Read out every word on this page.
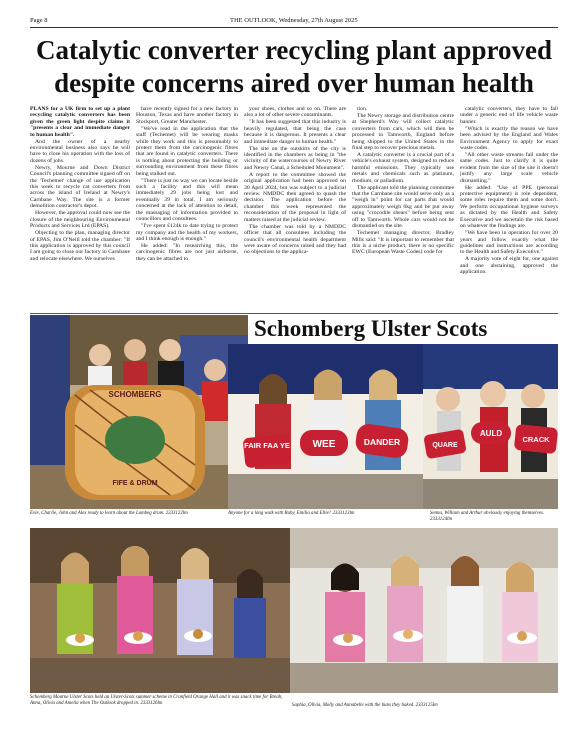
Page 8	THE OUTLOOK, Wednesday, 27th August 2025
Catalytic converter recycling plant approved despite concerns aired over human health

PLANS for a UK firm to set up a plant recycling catalytic converters has been given the green light despite claims it "presents a clear and immediate danger to human health".

And the owner of a nearby environmental business also says he will have to close his operation with the loss of dozens of jobs.

Newry, Mourne and Down District Council's planning committee signed off on the 'Techemet' change of use application this week to recycle cat converters from across the island of Ireland at Newry's Carnbane Way. The site is a former demolition contractor's depot.

However, the approval could now see the closure of the neighbouring Environmental Products and Services Ltd (EPAS).

Objecting to the plan, managing director of EPAS, Jim O'Neill told the chamber: "If this application is approved by this council I am going to close our factory in Carnbane and relocate elsewhere. We ourselves

have recently signed for a new factory in Houston, Texas and have another factory in Stockport, Greater Manchester.

"We've read in the application that the staff (Techemet) will be wearing masks while they work and this is presumably to protect them from the carcinogenic fibres that are found in catalytic converters. There is nothing about protecting the building or surrounding environment from these fibres being stalked out.

"There is just no way we can locate beside such a facility and this will mean immediately 29 jobs being lost and eventually 39 in total. I am seriously concerned at the lack of attention to detail, the massaging of information provided to councillors and consultees.

"I've spent £124k to date trying to protect my company and the health of my workers, and I think enough is enough."

He added: "In researching this, the carcinogenic fibres are not just airborne, they can be attached to

your shoes, clothes and so on. There are also a lot of other severe contaminants.

"It has been suggested that this industry is heavily regulated, that being the case because it is dangerous. It presents a clear and immediate danger to human health."

The site on the outskirts of the city is identified in the chambers as being in "the vicinity of the watercourses of Newry River and Newry Canal, a Scheduled Monument".

A report to the committee showed the original application had been approved on 30 April 2024, but was subject to a judicial review. NMDDC then agreed to quash the decision. The application before the chamber this week represented the reconsideration of the proposal in light of matters raised at the judicial review.

The chamber was told by a NMDDC officer that all consultees including the council's environmental health department were aware of concerns raised and they had no objections to the applica-

tion.

The Newry storage and distribution centre at Shepherd's Way will collect catalytic converters from cars, which will then be processed in Tamworth, England before being shipped to the United States in the final step to recover precious metals.

A catalytic converter is a crucial part of a vehicle's exhaust system, designed to reduce harmful emissions. They typically use metals and chemicals such as platinum, rhodium, or palladium.

The applicant told the planning committee that the Carnbane site would serve only as a "weigh in" point for car parts that would approximately weigh 6kg and be put away using "crocodile shears" before being sent off to Tamworth. Whole cars would not be dismantled on the site.

Techemet managing director, Bradley Mills said: "It is important to remember that this is a niche product, there is no specific EWC (European Waste Codes) code for

catalytic converters, they have to fall under a generic end of life vehicle waste banner.

"Which is exactly the reason we have been advised by the England and Wales Environment Agency to apply for exact waste codes.

"All other waste streams fall under the same codes. Just to clarify it is quite evident from the size of the site it doesn't justify any large scale vehicle dismantling."

He added: "Use of PPE (personal protective equipment) is role dependent, some roles require them and some don't. We perform occupational hygiene surveys as dictated by the Health and Safety Executive and we ascertain the risk based on whatever the findings are.

"We have been in operation for over 20 years and follow exactly what the guidelines and instructions are according to the Health and Safety Executive."

A majority vote of eight for, one against and one abstaining, approved the application.

Schomberg Ulster Scots
SCHOMBERG
FIFE & DRUM
Evie, Charlie, John and Alex ready to learn about the Lambeg drum. 2333122lm
FAIR FAA YE WEE	DANDER
Anyone for a long walk with Ruby, Emilia and Ellie? 2333123lm
QUARE
AULD
CRACK
Senna, William and Arthur obviously enjoying themselves. 2333124lm
Schomberg Mourne Ulster Scots held an Ulster-Scots summer scheme in Cranfield Orange Hall and it was snack time for Breah, Anna, Olivia and Amelia when The Outlook dropped in. 2333126lm	Sophia, Olivia, Molly and Annabelle with the buns they baked. 2333125lm
